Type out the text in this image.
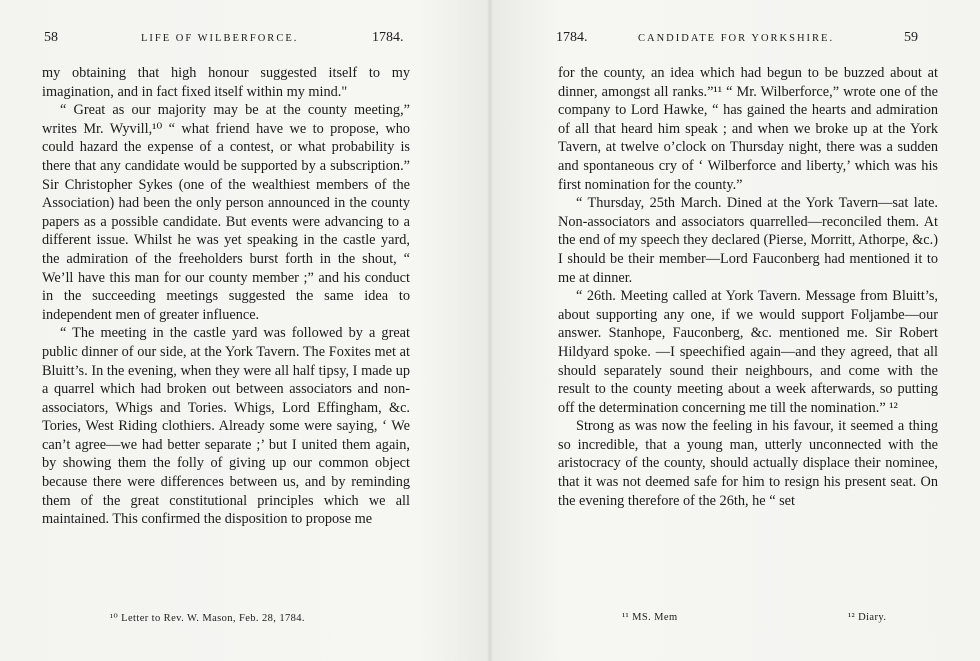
58	LIFE OF WILBERFORCE.	1784.

my obtaining that high honour suggested itself to my imagination, and in fact fixed itself within my mind."

“ Great as our majority may be at the county meeting,” writes Mr. Wyvill,¹⁰ “ what friend have we to propose, who could hazard the expense of a contest, or what probability is there that any candidate would be supported by a subscription.” Sir Christopher Sykes (one of the wealthiest members of the Association) had been the only person announced in the county papers as a possible candidate. But events were advancing to a different issue. Whilst he was yet speaking in the castle yard, the admiration of the freeholders burst forth in the shout, “ We’ll have this man for our county member ;” and his conduct in the succeeding meetings suggested the same idea to independent men of greater influence.

“ The meeting in the castle yard was followed by a great public dinner of our side, at the York Tavern. The Foxites met at Bluitt’s. In the evening, when they were all half tipsy, I made up a quarrel which had broken out between associators and non-associators, Whigs and Tories. Whigs, Lord Effingham, &c. Tories, West Riding clothiers. Already some were saying, ‘ We can’t agree—we had better separate ;’ but I united them again, by showing them the folly of giving up our common object because there were differences between us, and by reminding them of the great constitutional principles which we all maintained. This confirmed the disposition to propose me

¹⁰ Letter to Rev. W. Mason, Feb. 28, 1784.
1784.	CANDIDATE FOR YORKSHIRE.	59

for the county, an idea which had begun to be buzzed about at dinner, amongst all ranks.”¹¹ “ Mr. Wilberforce,” wrote one of the company to Lord Hawke, “ has gained the hearts and admiration of all that heard him speak ; and when we broke up at the York Tavern, at twelve o’clock on Thursday night, there was a sudden and spontaneous cry of ‘ Wilberforce and liberty,’ which was his first nomination for the county.”

“ Thursday, 25th March. Dined at the York Tavern—sat late. Non-associators and associators quarrelled—reconciled them. At the end of my speech they declared (Pierse, Morritt, Athorpe, &c.) I should be their member—Lord Fauconberg had mentioned it to me at dinner.

“ 26th. Meeting called at York Tavern. Message from Bluitt’s, about supporting any one, if we would support Foljambe—our answer. Stanhope, Fauconberg, &c. mentioned me. Sir Robert Hildyard spoke. —I speechified again—and they agreed, that all should separately sound their neighbours, and come with the result to the county meeting about a week afterwards, so putting off the determination concerning me till the nomination.” ¹²

Strong as was now the feeling in his favour, it seemed a thing so incredible, that a young man, utterly unconnected with the aristocracy of the county, should actually displace their nominee, that it was not deemed safe for him to resign his present seat. On the evening therefore of the 26th, he “ set

¹¹ MS. Mem	¹² Diary.
